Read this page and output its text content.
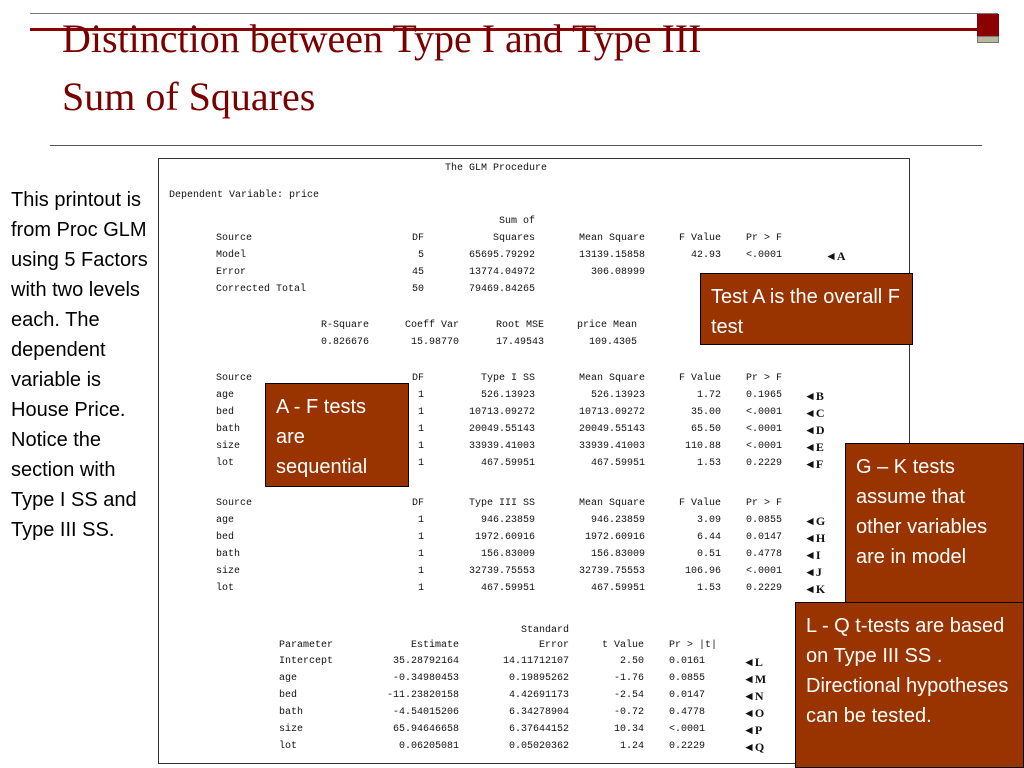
Distinction between Type I and Type III
Sum of Squares
This printout is from Proc GLM using 5 Factors with two levels each. The dependent variable is House Price. Notice the section with Type I SS and Type III SS.
The GLM Procedure
Dependent Variable: price
Sum of
Source	DF	Squares	Mean Square	F Value	Pr > F
Model	5	65695.79292	13139.15858	42.93	<.0001	◄A
Error	45	13774.04972	306.08999
Corrected Total	50	79469.84265
R-Square	Coeff Var	Root MSE	price Mean
0.826676	15.98770	17.49543	109.4305
Source	DF	Type I SS	Mean Square	F Value	Pr > F
age	1	526.13923	526.13923	1.72	0.1965	◄B
bed	1	10713.09272	10713.09272	35.00	<.0001	◄C
bath	1	20049.55143	20049.55143	65.50	<.0001	◄D
size	1	33939.41003	33939.41003	110.88	<.0001	◄E
lot	1	467.59951	467.59951	1.53	0.2229	◄F
Source	DF	Type III SS	Mean Square	F Value	Pr > F
age	1	946.23859	946.23859	3.09	0.0855	◄G
bed	1	1972.60916	1972.60916	6.44	0.0147	◄H
bath	1	156.83009	156.83009	0.51	0.4778	◄I
size	1	32739.75553	32739.75553	106.96	<.0001	◄J
lot	1	467.59951	467.59951	1.53	0.2229	◄K
Standard
Parameter	Estimate	Error	t Value	Pr > |t|
Intercept	35.28792164	14.11712107	2.50	0.0161	◄L
age	-0.34980453	0.19895262	-1.76	0.0855	◄M
bed	-11.23820158	4.42691173	-2.54	0.0147	◄N
bath	-4.54015206	6.34278904	-0.72	0.4778	◄O
size	65.94646658	6.37644152	10.34	<.0001	◄P
lot	0.06205081	0.05020362	1.24	0.2229	◄Q
Test A is the overall F test
A - F tests are sequential	G – K tests assume that other variables are in model
L - Q t-tests are based on Type III SS . Directional hypotheses can be tested.
